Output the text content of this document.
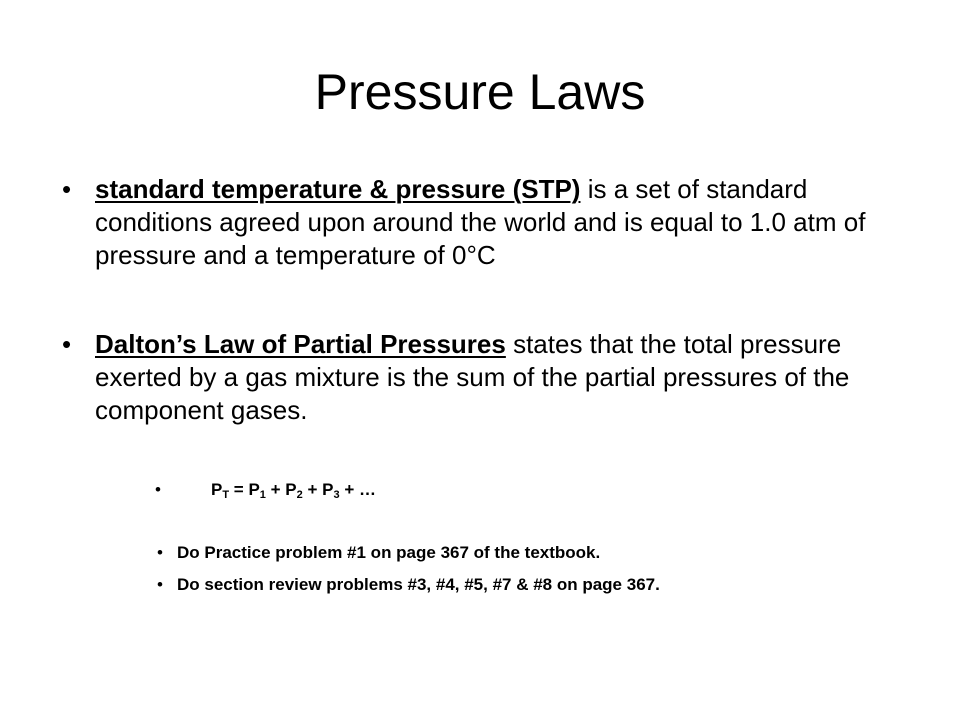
Pressure Laws

• standard temperature & pressure (STP) is a set of standard conditions agreed upon around the world and is equal to 1.0 atm of pressure and a temperature of 0°C

• Dalton’s Law of Partial Pressures states that the total pressure exerted by a gas mixture is the sum of the partial pressures of the component gases.

•	$P_T = P_1 + P_2 + P_3$ + …
• Do Practice problem #1 on page 367 of the textbook.
• Do section review problems #3, #4, #5, #7 & #8 on page 367.
